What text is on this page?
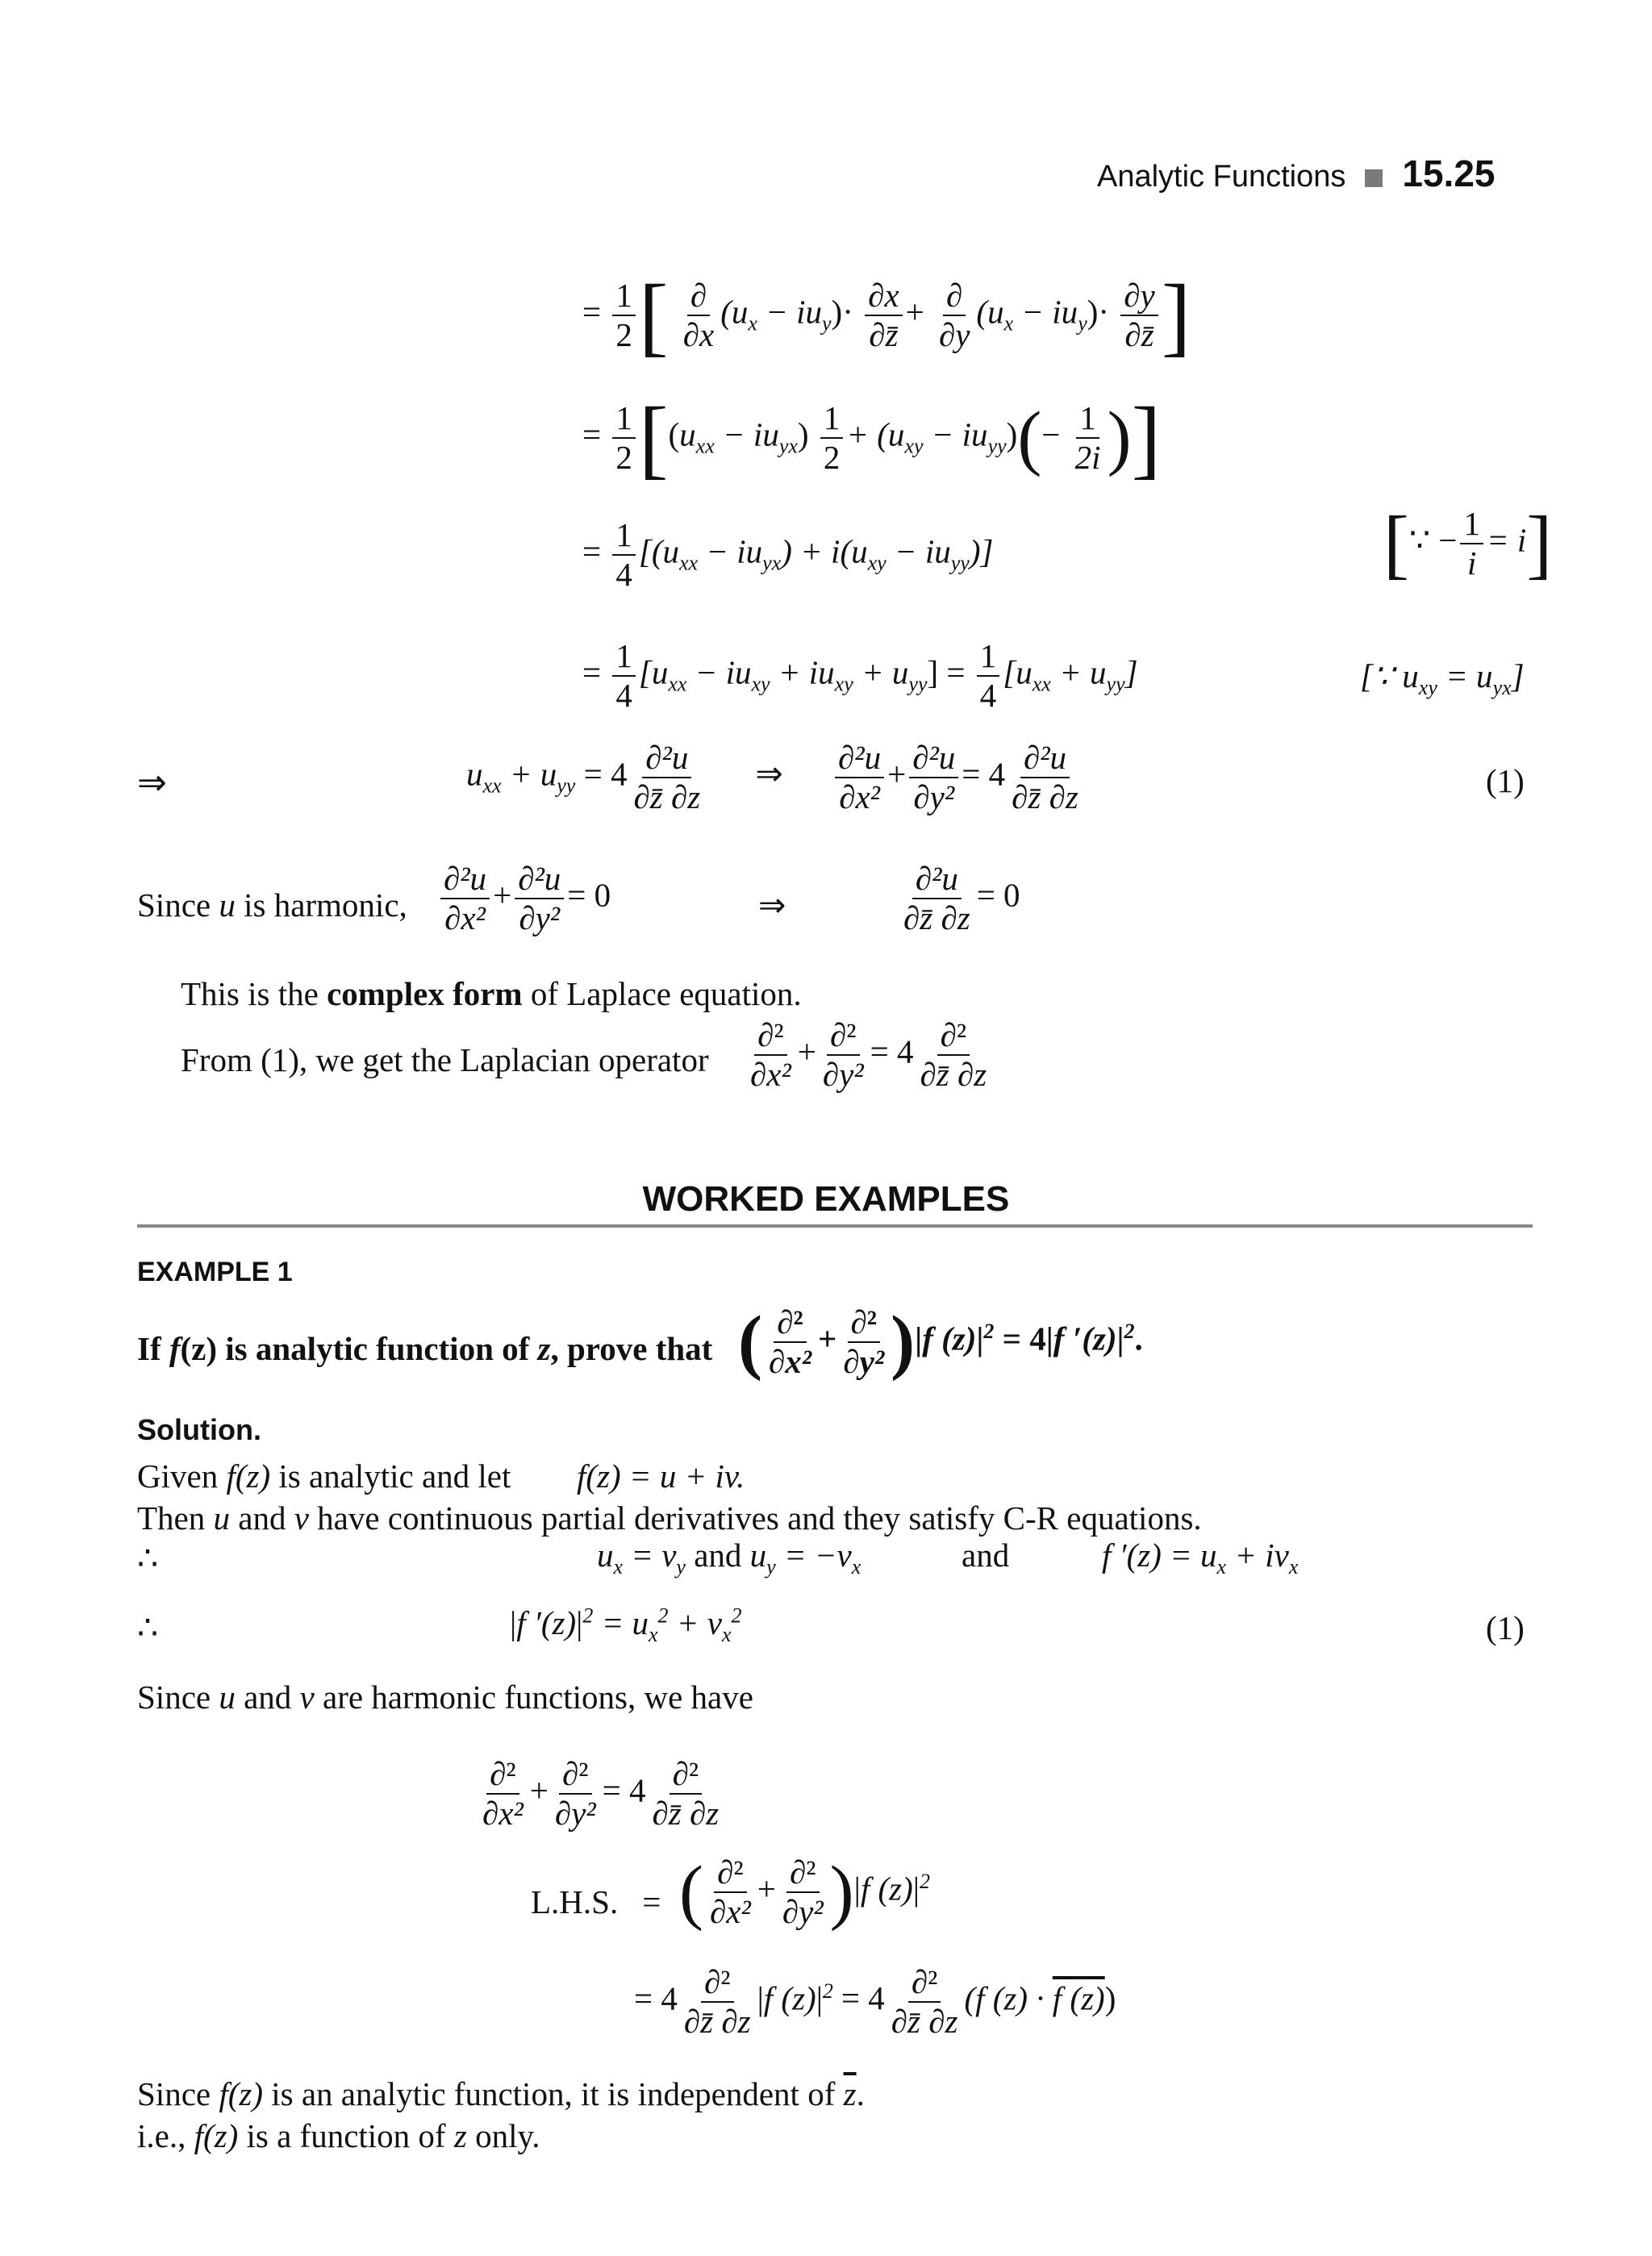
Analytic Functions 15.25
= $\frac{1}{2}$ [ $\frac{\partial}{\partial x} (u_x - iu_y)\cdot \frac{\partial x}{\partial z̄} + \frac{\partial}{\partial y} (u_x - iu_y)\cdot \frac{\partial y}{\partial z̄}$ ]
= $\frac{1}{2} [(u_{xx} - iu_{yx}) \frac{1}{2} + (u_{xy} - iu_{yy})(- \frac{1}{2i}$ )]
= $\frac{1}{4} [(u_{xx} - iu_{yx}) + i(u_{xy} - iu_{yy})]$	[∵ − $\frac{1}{i} = i$]
= $\frac{1}{4} [u_{xx} - iu_{xy} + iu_{xy} + u_{yy}] = \frac{1}{4} [u_{xx} + u_{yy}]$	[∵ $u_{xy} = u_{yx}$]
⇒	$u_{xx} + u_{yy} = 4 \frac{\text{∂²u}}{\partial z̄ \partial z}$ ⇒ $\frac{\text{∂²u}}{\text{∂x²}} + \frac{\text{∂²u}}{\text{∂y²}} = 4 \frac{\text{∂²u}}{\partial z̄ \partial z}$	(1)
Since u is harmonic, $\frac{\text{∂²u}}{\text{∂x²}} + \frac{\text{∂²u}}{\text{∂y²}} = 0$	⇒	$\frac{\text{∂²u}}{\partial z̄ \partial z} = 0$
This is the complex form of Laplace equation.
From (1), we get the Laplacian operator $\frac{\text{∂²}}{\text{∂x²}} + \frac{\text{∂²}}{\text{∂y²}} = 4 \frac{\text{∂²}}{\partial z̄ \partial z}$
WORKED EXAMPLES
EXAMPLE 1
If f(z) is analytic function of z, prove that ( $\frac{\text{∂²}}{\text{∂x²}} + \frac{\text{∂²}}{\text{∂y²}} )|f$ $(z)|^2 = 4|f$ $'(z)|^2$.
Solution.
Given f(z) is analytic and let f(z) = u + iv.
Then u and v have continuous partial derivatives and they satisfy C-R equations.
∴	$u_x = v_y$ and $u_y = -v_x$	and	f $'(z) = u_x + iv_x$
∴	|f $'(z)|^2 = u_x^2 + v_x^2$	(1)
Since u and v are harmonic functions, we have
$\frac{\text{∂²}}{\text{∂x²}} + \frac{\text{∂²}}{\text{∂y²}} = 4 \frac{\text{∂²}}{\partial z̄ \partial z}$
L.H.S. = ( $\frac{\text{∂²}}{\text{∂x²}} + \frac{\text{∂²}}{\text{∂y²}} )|f$ $(z)|^2$
= $4 \frac{\text{∂²}}{\partial z̄ \partial z} |f$ $(z)|^2 = 4 \frac{\text{∂²}}{\partial z̄ \partial z} (f$ (z) · f (z))
Since f(z) is an analytic function, it is independent of $\overline{z}$.
i.e., f(z) is a function of z only.
